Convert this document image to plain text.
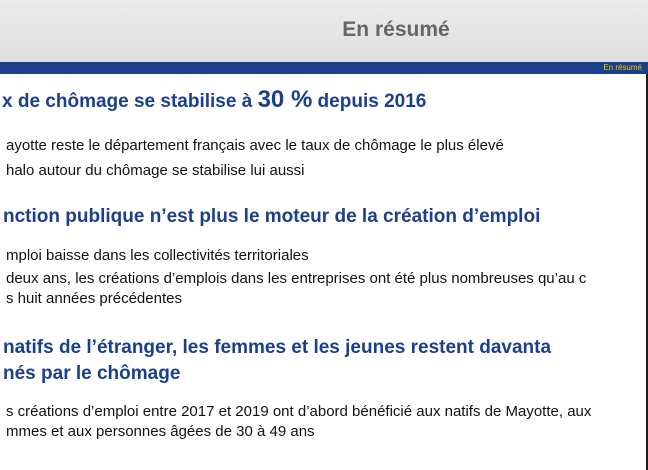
En résumé
En résumé
x de chômage se stabilise à 30 % depuis 2016

ayotte reste le département français avec le taux de chômage le plus élevé

halo autour du chômage se stabilise lui aussi

nction publique n’est plus le moteur de la création d’emploi

mploi baisse dans les collectivités territoriales

deux ans, les créations d’emplois dans les entreprises ont été plus nombreuses qu’au c

s huit années précédentes

natifs de l’étranger, les femmes et les jeunes restent davanta
nés par le chômage

s créations d’emploi entre 2017 et 2019 ont d’abord bénéficié aux natifs de Mayotte, aux

mmes et aux personnes âgées de 30 à 49 ans
